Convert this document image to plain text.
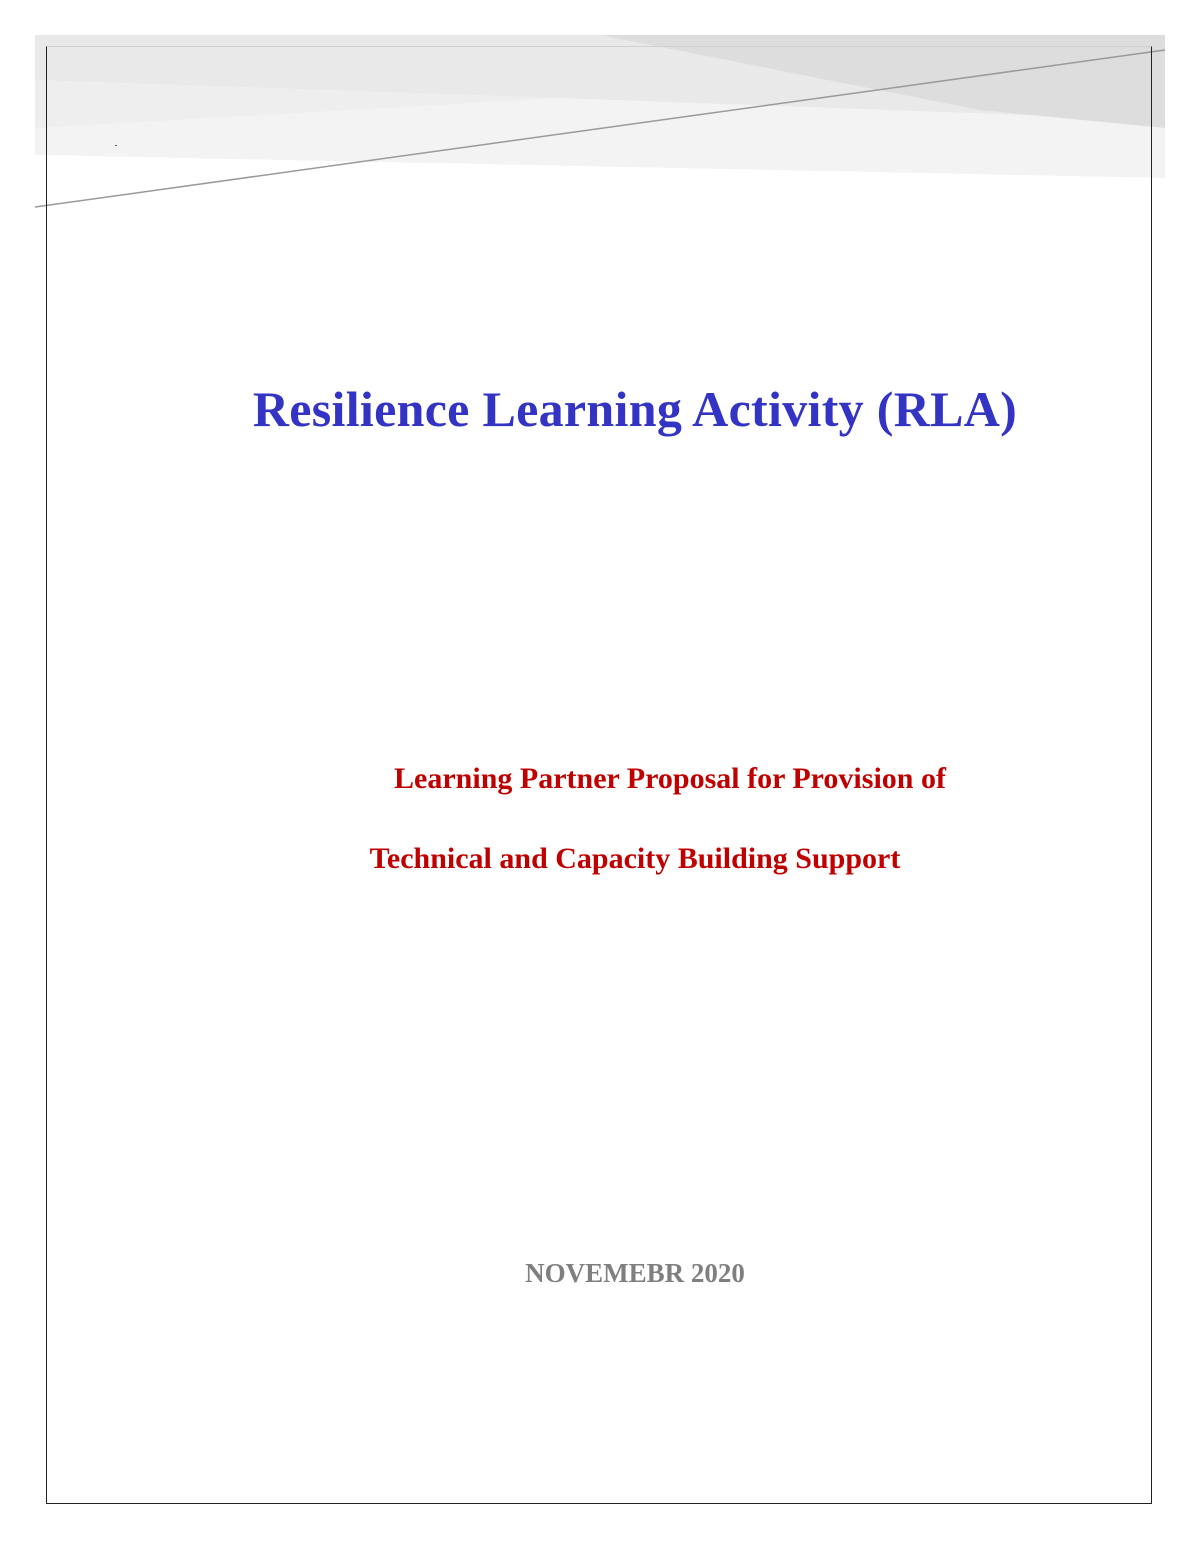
Resilience Learning Activity (RLA)
Learning Partner Proposal for Provision of
Technical and Capacity Building Support
NOVEMEBR 2020
